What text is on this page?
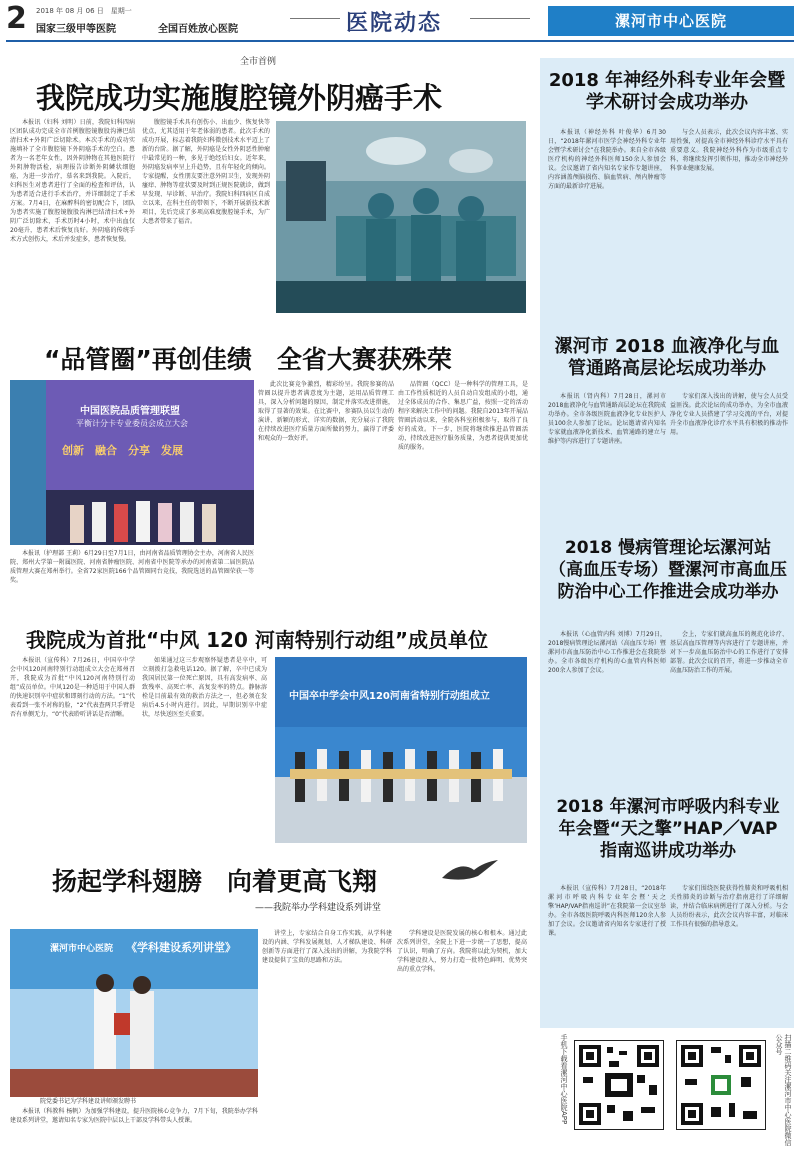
2 2018 年 08 月 06 日　星期一
国家三级甲等医院	全国百姓放心医院	医院动态	漯河市中心医院
全市首例
我院成功实施腹腔镜外阴癌手术

本报讯（妇科 刘明）日前，我院妇科四病区团队成功完成全市首例腹腔镜腹股沟淋巴结清扫术+外阴广泛切除术。本次手术的成功实施填补了全市腹腔镜下外阴癌手术的空白。患者为一名老年女性，因外阴肿物在其他医院行外阴肿物活检，病理报告诊断外阴鳞状细胞癌，为进一步治疗，慕名来到我院。入院后，妇科医生对患者进行了全面的检查和评估，认为患者适合进行手术治疗，并详细制定了手术方案。7月4日，在麻醉科的密切配合下，团队为患者实施了腹腔镜腹股沟淋巴结清扫术+外阴广泛切除术，手术历时4小时，术中出血仅20毫升，患者术后恢复良好。外阴癌的传统手术方式创伤大，术后并发症多，患者恢复慢。

腹腔镜手术具有创伤小、出血少、恢复快等优点，尤其适用于年老体弱的患者。此次手术的成功开展，标志着我院妇科微创技术水平迈上了新的台阶。据了解，外阴癌是女性外阴恶性肿瘤中最常见的一种，多见于绝经后妇女。近年来，外阴癌发病率呈上升趋势，且有年轻化的倾向。专家提醒，女性朋友要注意外阴卫生，发现外阴瘙痒、肿物等症状要及时到正规医院就诊，做到早发现、早诊断、早治疗。我院妇科四病区自成立以来，在科主任的带领下，不断开展新技术新项目，先后完成了多项高难度腹腔镜手术，为广大患者带来了福音。

“品管圈”再创佳绩　全省大赛获殊荣
中国医院品质管理联盟
平衡计分卡专业委员会成立大会
创新　融合　分享　发展

本报讯（护理部 王莉）6月29日至7月1日，由河南省品质管理协会主办，河南省人民医院、郑州大学第一附属医院、河南省肿瘤医院、河南省中医院等承办的河南省第二届医院品质管理大赛在郑州举行。全省72家医院166个品管圈同台竞技，我院选送的品管圈荣获一等奖。

此次比赛竞争激烈，精彩纷呈。我院参赛的品管圈以提升患者满意度为主题，运用品质管理工具，深入分析问题的原因，制定并落实改进措施，取得了显著的效果。在比赛中，参赛队员以生动的演讲、新颖的形式、详实的数据，充分展示了我院在持续改进医疗质量方面所做的努力，赢得了评委和观众的一致好评。

品管圈（QCC）是一种科学的管理工具，是由工作性质相近的人员自动自发组成的小组，通过全体成员的合作、集思广益，按照一定的活动程序来解决工作中的问题。我院自2013年开展品管圈活动以来，全院各科室积极参与，取得了良好的成效。下一步，医院将继续推进品管圈活动，持续改进医疗服务质量，为患者提供更加优质的服务。

我院成为首批“中风 120 河南特别行动组”成员单位

本报讯（宣传科）7月26日，中国卒中学会中风120河南特别行动组成立大会在郑州召开，我院成为首批“中风120河南特别行动组”成员单位。中风120是一种适用于中国人群的快速识别卒中症状和即刻行动的方法。“1”代表看到一张不对称的脸，“2”代表查两只手臂是否有单侧无力，“0”代表聆听讲话是否清晰。

如果通过这三步观察怀疑患者是卒中，可立刻拨打急救电话120。据了解，卒中已成为我国居民第一位死亡原因，具有高发病率、高致残率、高死亡率、高复发率的特点。静脉溶栓是目前最有效的救治方法之一，但必须在发病后4.5小时内进行。因此，早期识别卒中症状，尽快送医至关重要。

中国卒中学会中风120河南省特别行动组成立
扬起学科翅膀　向着更高飞翔
——我院举办学科建设系列讲堂
漯河市中心医院 《学科建设系列讲堂》
院党委书记为学科建设讲师颁发聘书

本报讯（科教科 杨帆）为加强学科建设，提升医院核心竞争力，7月下旬，我院举办学科建设系列讲堂，邀请知名专家为医院中层以上干部及学科带头人授课。

讲堂上，专家结合自身工作实践，从学科建设的内涵、学科发展规划、人才梯队建设、科研创新等方面进行了深入浅出的讲解，为我院学科建设提供了宝贵的思路和方法。

学科建设是医院发展的核心和根本。通过此次系列讲堂，全院上下进一步统一了思想，提高了认识，明确了方向。我院将以此为契机，加大学科建设投入，努力打造一批特色鲜明、优势突出的重点学科。

2018 年神经外科专业年会暨学术研讨会成功举办

本报讯（神经外科 叶俊华）6月30日，“2018年漯河市医学会神经外科专业年会暨学术研讨会”在我院举办。来自全市各级医疗机构的神经外科医师150余人参加会议。会议邀请了省内知名专家作专题讲座，内容涵盖颅脑损伤、脑血管病、颅内肿瘤等方面的最新诊疗进展。

与会人员表示，此次会议内容丰富、实用性强，对提高全市神经外科诊疗水平具有重要意义。我院神经外科作为市级重点专科，将继续发挥引领作用，推动全市神经外科事业健康发展。

漯河市 2018 血液净化与血管通路高层论坛成功举办

本报讯（肾内科）7月28日，漯河市2018血液净化与血管通路高层论坛在我院成功举办。全市各级医院血液净化专业医护人员100余人参加了论坛。论坛邀请省内知名专家就血液净化新技术、血管通路的建立与维护等内容进行了专题讲座。

专家们深入浅出的讲解，使与会人员受益匪浅。此次论坛的成功举办，为全市血液净化专业人员搭建了学习交流的平台，对提升全市血液净化诊疗水平具有积极的推动作用。

2018 慢病管理论坛漯河站（高血压专场）暨漯河市高血压防治中心工作推进会成功举办

本报讯（心血管内科 刘博）7月29日，2018慢病管理论坛漯河站（高血压专场）暨漯河市高血压防治中心工作推进会在我院举办。全市各级医疗机构的心血管内科医师200余人参加了会议。

会上，专家们就高血压的规范化诊疗、基层高血压管理等内容进行了专题讲座，并对下一步高血压防治中心的工作进行了安排部署。此次会议的召开，将进一步推动全市高血压防治工作的开展。

2018 年漯河市呼吸内科专业年会暨“天之擎”HAP／VAP 指南巡讲成功举办

本报讯（宣传科）7月28日，“2018年漯河市呼吸内科专业年会暨‘天之擎’HAP/VAP指南巡讲”在我院第一会议室举办。全市各级医院呼吸内科医师120余人参加了会议。会议邀请省内知名专家进行了授课。

专家们围绕医院获得性肺炎和呼吸机相关性肺炎的诊断与治疗指南进行了详细解读，并结合临床病例进行了深入分析。与会人员纷纷表示，此次会议内容丰富，对临床工作具有很强的指导意义。

手机下载看漯河中心医院APP	扫描二维码关注漯河市中心医院微信公众号
